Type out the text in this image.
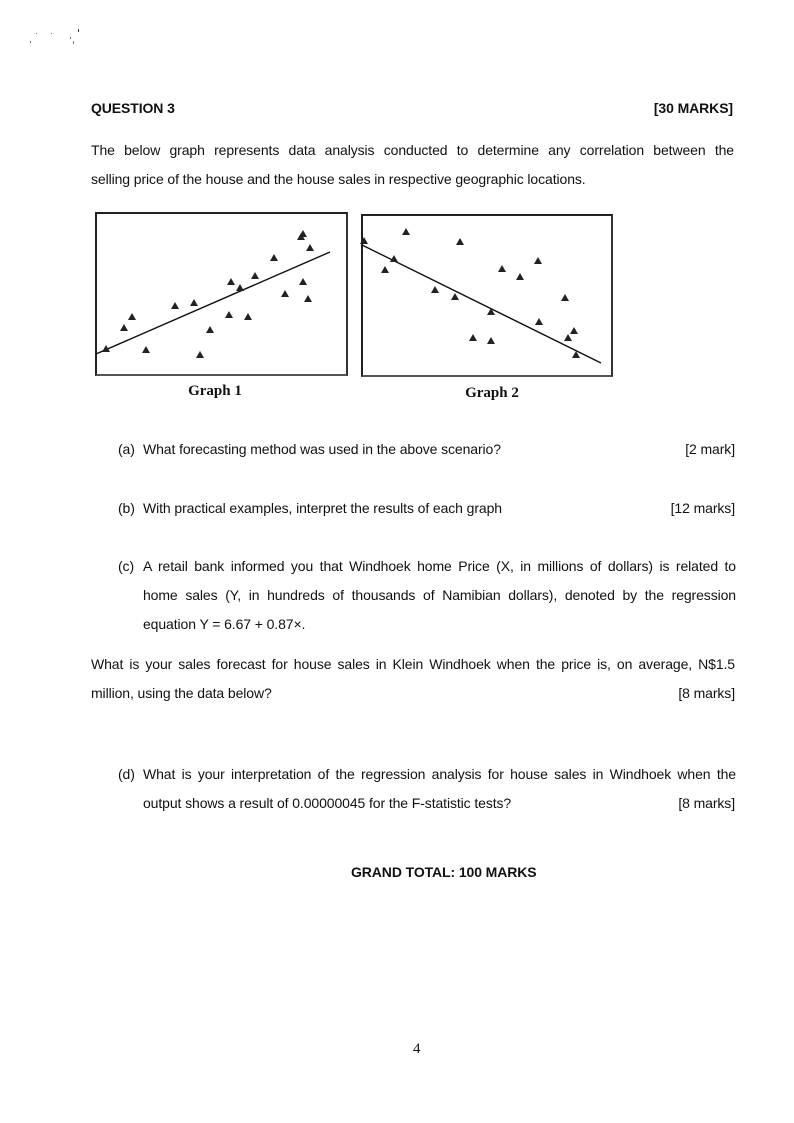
QUESTION 3	[30 MARKS]
The below graph represents data analysis conducted to determine any correlation between the
selling price of the house and the house sales in respective geographic locations.
Graph 1	Graph 2
(a) What forecasting method was used in the above scenario?	[2 mark]
(b) With practical examples, interpret the results of each graph	[12 marks]
(c) A retail bank informed you that Windhoek home Price (X, in millions of dollars) is related to
home sales (Y, in hundreds of thousands of Namibian dollars), denoted by the regression
equation Y = 6.67 + 0.87×.
What is your sales forecast for house sales in Klein Windhoek when the price is, on average, N$1.5
million, using the data below?	[8 marks]
(d) What is your interpretation of the regression analysis for house sales in Windhoek when the
output shows a result of 0.00000045 for the F-statistic tests?	[8 marks]
GRAND TOTAL: 100 MARKS
4
